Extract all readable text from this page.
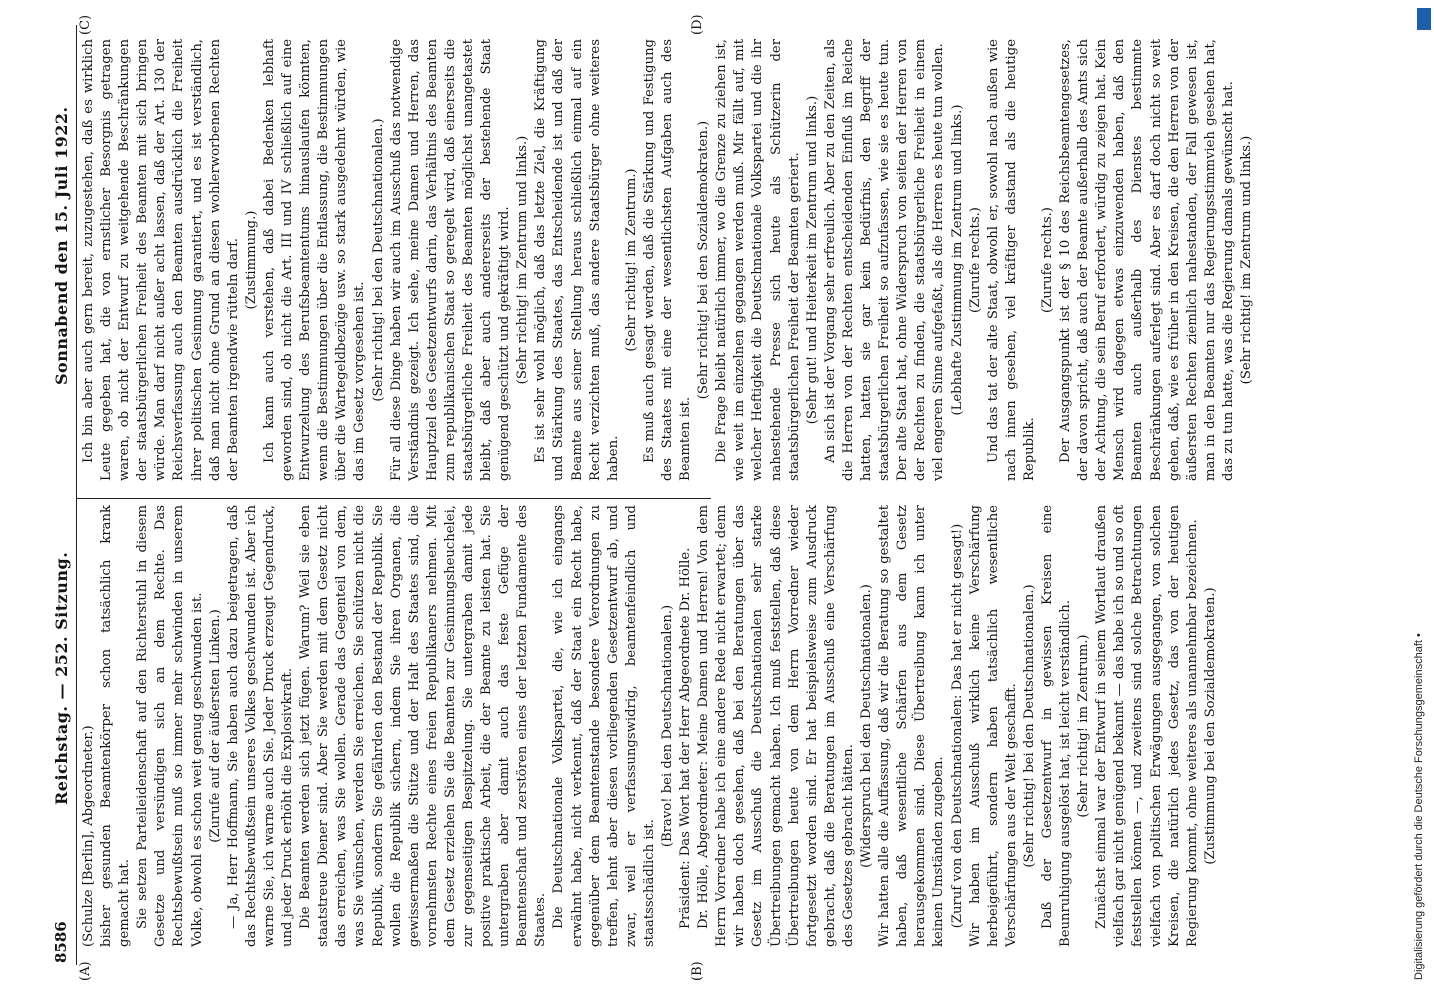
8586
Reichstag. — 252. Sitzung.
Sonnabend den 15. Juli 1922.
(A)	(B)
(C)	(D)

(Schulze [Berlin], Abgeordneter.) bisher gesunden Beamtenkörper schon tatsächlich krank gemacht hat. Sie setzen Parteileidenschaft auf den Richterstuhl in diesem Gesetze und versündigen sich an dem Rechte. Das Rechtsbewußtsein muß so immer mehr schwinden in unserem Volke, obwohl es schon weit genug geschwunden ist. (Zurufe auf der äußersten Linken.) — Ja, Herr Hoffmann, Sie haben auch dazu beigetragen, daß das Rechtsbewußtsein unseres Volkes geschwunden ist. Aber ich warne Sie, ich warne auch Sie. Jeder Druck erzeugt Gegendruck, und jeder Druck erhöht die Explosivkraft. Die Beamten werden sich jetzt fügen. Warum? Weil sie eben staatstreue Diener sind. Aber Sie werden mit dem Gesetz nicht das erreichen, was Sie wollen. Gerade das Gegenteil von dem, was Sie wünschen, werden Sie erreichen. Sie schützen nicht die Republik, sondern Sie gefährden den Bestand der Republik. Sie wollen die Republik sichern, indem Sie ihren Organen, die gewissermaßen die Stütze und der Halt des Staates sind, die vornehmsten Rechte eines freien Republikaners nehmen. Mit dem Gesetz erziehen Sie die Beamten zur Gesinnungsheuchelei, zur gegenseitigen Bespitzelung. Sie untergraben damit jede positive praktische Arbeit, die der Beamte zu leisten hat. Sie untergraben aber damit auch das feste Gefüge der Beamtenschaft und zerstören eines der letzten Fundamente des Staates. Die Deutschnationale Volkspartei, die, wie ich eingangs erwähnt habe, nicht verkennt, daß der Staat ein Recht habe, gegenüber dem Beamtenstande besondere Verordnungen zu treffen, lehnt aber diesen vorliegenden Gesetzentwurf ab, und zwar, weil er verfassungswidrig, beamtenfeindlich und staatsschädlich ist.

(Bravo! bei den Deutschnationalen.) Präsident: Das Wort hat der Herr Abgeordnete Dr. Hölle. Dr. Hölle, Abgeordneter: Meine Damen und Herren! Von dem Herrn Vorredner habe ich eine andere Rede nicht erwartet; denn wir haben doch gesehen, daß bei den Beratungen über das Gesetz im Ausschuß die Deutschnationalen sehr starke Übertreibungen gemacht haben. Ich muß feststellen, daß diese Übertreibungen heute von dem Herrn Vorredner wieder fortgesetzt worden sind. Er hat beispielsweise zum Ausdruck gebracht, daß die Beratungen im Ausschuß eine Verschärfung des Gesetzes gebracht hätten. (Widerspruch bei den Deutschnationalen.) Wir hatten alle die Auffassung, daß wir die Beratung so gestaltet haben, daß wesentliche Schärfen aus dem Gesetz herausgekommen sind. Diese Übertreibung kann ich unter keinen Umständen zugeben. (Zuruf von den Deutschnationalen: Das hat er nicht gesagt!) Wir haben im Ausschuß wirklich keine Verschärfung herbeigeführt, sondern haben tatsächlich wesentliche Verschärfungen aus der Welt geschafft. (Sehr richtig! bei den Deutschnationalen.) Daß der Gesetzentwurf in gewissen Kreisen eine Beunruhigung ausgelöst hat, ist leicht verständlich. (Sehr richtig! im Zentrum.) Zunächst einmal war der Entwurf in seinem Wortlaut draußen vielfach gar nicht genügend bekannt — das habe ich so und so oft feststellen können —, und zweitens sind solche Betrachtungen vielfach von politischen Erwägungen ausgegangen, von solchen Kreisen, die natürlich jedes Gesetz, das von der heutigen Regierung kommt, ohne weiteres als unannehmbar bezeichnen. (Zustimmung bei den Sozialdemokraten.)

Ich bin aber auch gern bereit, zuzugestehen, daß es wirklich Leute gegeben hat, die von ernstlicher Besorgnis getragen waren, ob nicht der Entwurf zu weitgehende Beschränkungen der staatsbürgerlichen Freiheit des Beamten mit sich bringen würde. Man darf nicht außer acht lassen, daß der Art. 130 der Reichsverfassung auch den Beamten ausdrücklich die Freiheit ihrer politischen Gesinnung garantiert, und es ist verständlich, daß man nicht ohne Grund an diesen wohlerworbenen Rechten der Beamten irgendwie rütteln darf. (Zustimmung.) Ich kann auch verstehen, daß dabei Bedenken lebhaft geworden sind, ob nicht die Art. III und IV schließlich auf eine Entwurzelung des Berufsbeamtentums hinauslaufen könnten, wenn die Bestimmungen über die Entlassung, die Bestimmungen über die Wartegeldbezüge usw. so stark ausgedehnt würden, wie das im Gesetz vorgesehen ist. (Sehr richtig! bei den Deutschnationalen.) Für all diese Dinge haben wir auch im Ausschuß das notwendige Verständnis gezeigt. Ich sehe, meine Damen und Herren, das Hauptziel des Gesetzentwurfs darin, das Verhältnis des Beamten zum republikanischen Staat so geregelt wird, daß einerseits die staatsbürgerliche Freiheit des Beamten möglichst unangetastet bleibt, daß aber auch andererseits der bestehende Staat genügend geschützt und gekräftigt wird. (Sehr richtig! im Zentrum und links.) Es ist sehr wohl möglich, daß das letzte Ziel, die Kräftigung und Stärkung des Staates, das Entscheidende ist und daß der Beamte aus seiner Stellung heraus schließlich einmal auf ein Recht verzichten muß, das andere Staatsbürger ohne weiteres haben.

(Sehr richtig! im Zentrum.) Es muß auch gesagt werden, daß die Stärkung und Festigung des Staates mit eine der wesentlichsten Aufgaben auch des Beamten ist.

(Sehr richtig! bei den Sozialdemokraten.) Die Frage bleibt natürlich immer, wo die Grenze zu ziehen ist, wie weit im einzelnen gegangen werden muß. Mir fällt auf, mit welcher Heftigkeit die Deutschnationale Volkspartei und die ihr nahestehende Presse sich heute als Schützerin der staatsbürgerlichen Freiheit der Beamten geriert. (Sehr gut! und Heiterkeit im Zentrum und links.) An sich ist der Vorgang sehr erfreulich. Aber zu den Zeiten, als die Herren von der Rechten entscheidenden Einfluß im Reiche hatten, hatten sie gar kein Bedürfnis, den Begriff der staatsbürgerlichen Freiheit so aufzufassen, wie sie es heute tun. Der alte Staat hat, ohne Widerspruch von seiten der Herren von der Rechten zu finden, die staatsbürgerliche Freiheit in einem viel engeren Sinne aufgefaßt, als die Herren es heute tun wollen. (Lebhafte Zustimmung im Zentrum und links.) (Zurufe rechts.) Und das tat der alte Staat, obwohl er, sowohl nach außen wie nach innen gesehen, viel kräftiger dastand als die heutige Republik.

(Zurufe rechts.) Der Ausgangspunkt ist der § 10 des Reichsbeamtengesetzes, der davon spricht, daß auch der Beamte außerhalb des Amts sich der Achtung, die sein Beruf erfordert, würdig zu zeigen hat. Kein Mensch wird dagegen etwas einzuwenden haben, daß den Beamten auch außerhalb des Dienstes bestimmte Beschränkungen auferlegt sind. Aber es darf doch nicht so weit gehen, daß, wie es früher in den Kreisen, die den Herren von der äußersten Rechten ziemlich nahestanden, der Fall gewesen ist, man in den Beamten nur das Regierungsstimmvieh gesehen hat, das zu tun hatte, was die Regierung damals gewünscht hat. (Sehr richtig! im Zentrum und links.)

Digitalisierung gefördert durch die Deutsche Forschungsgemeinschaft •
